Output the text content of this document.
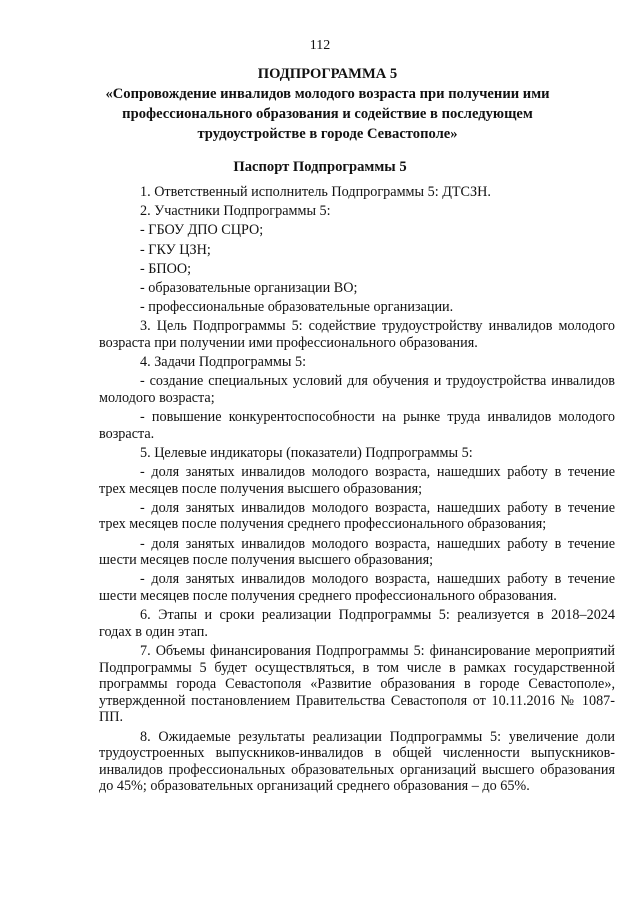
112
ПОДПРОГРАММА 5
«Сопровождение инвалидов молодого возраста при получении ими
профессионального образования и содействие в последующем
трудоустройстве в городе Севастополе»
Паспорт Подпрограммы 5

1. Ответственный исполнитель Подпрограммы 5: ДТСЗН.

2. Участники Подпрограммы 5:

- ГБОУ ДПО СЦРО;

- ГКУ ЦЗН;

- БПОО;

- образовательные организации ВО;

- профессиональные образовательные организации.

3. Цель Подпрограммы 5: содействие трудоустройству инвалидов молодого возраста при получении ими профессионального образования.

4. Задачи Подпрограммы 5:

- создание специальных условий для обучения и трудоустройства инвалидов молодого возраста;

- повышение конкурентоспособности на рынке труда инвалидов молодого возраста.

5. Целевые индикаторы (показатели) Подпрограммы 5:

- доля занятых инвалидов молодого возраста, нашедших работу в течение трех месяцев после получения высшего образования;

- доля занятых инвалидов молодого возраста, нашедших работу в течение трех месяцев после получения среднего профессионального образования;

- доля занятых инвалидов молодого возраста, нашедших работу в течение шести месяцев после получения высшего образования;

- доля занятых инвалидов молодого возраста, нашедших работу в течение шести месяцев после получения среднего профессионального образования.

6. Этапы и сроки реализации Подпрограммы 5: реализуется в 2018–2024 годах в один этап.

7. Объемы финансирования Подпрограммы 5: финансирование мероприятий Подпрограммы 5 будет осуществляться, в том числе в рамках государственной программы города Севастополя «Развитие образования в городе Севастополе», утвержденной постановлением Правительства Севастополя от 10.11.2016 № 1087-ПП.

8. Ожидаемые результаты реализации Подпрограммы 5: увеличение доли трудоустроенных выпускников-инвалидов в общей численности выпускников-инвалидов профессиональных образовательных организаций высшего образования до 45%; образовательных организаций среднего образования – до 65%.
